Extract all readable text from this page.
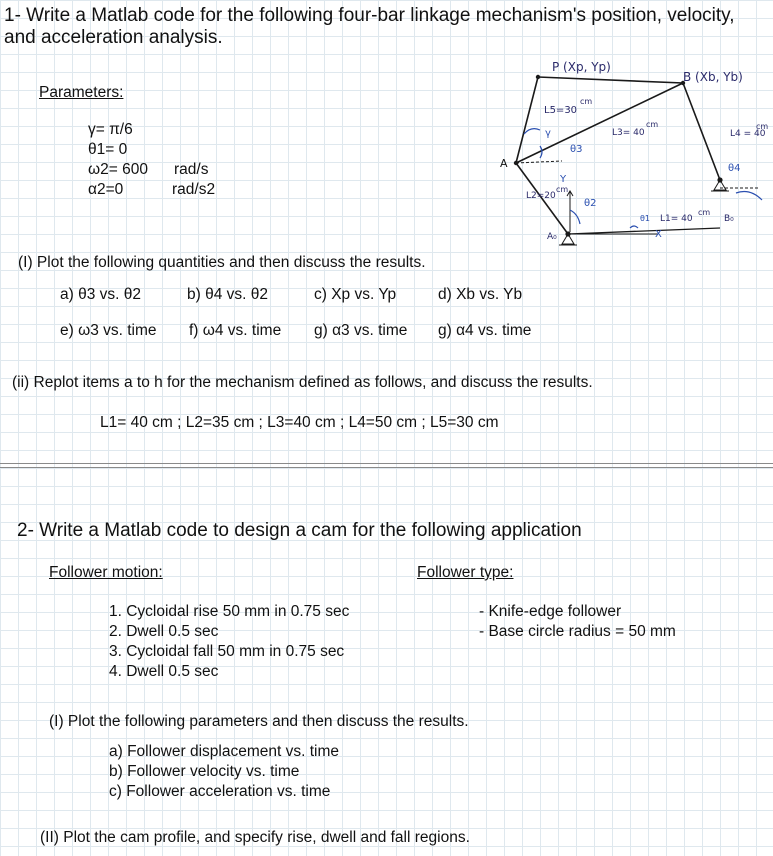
1- Write a Matlab code for the following four-bar linkage mechanism's position, velocity,
and acceleration analysis.
Parameters:
γ= π/6
θ1= 0
ω2= 600 rad/s
α2=0	rad/s2
(I) Plot the following quantities and then discuss the results.
a) θ3 vs. θ2	b) θ4 vs. θ2	c) Xp vs. Yp	d) Xb vs. Yb
e) ω3 vs. time f) ω4 vs. time g) α3 vs. time g) α4 vs. time
(ii) Replot items a to h for the mechanism defined as follows, and discuss the results.
L1= 40 cm ; L2=35 cm ; L3=40 cm ; L4=50 cm ; L5=30 cm
P (Xp, Yp)
B (Xb, Yb)
A
A₀
B₀
L5=30
cm
L3= 40
cm
L4 = 40
cm
L2=20
cm
L1= 40
cm
γ
θ3
θ2
θ4
θ1
Y
X
2- Write a Matlab code to design a cam for the following application
Follower motion:	Follower type:
1. Cycloidal rise 50 mm in 0.75 sec
2. Dwell 0.5 sec
3. Cycloidal fall 50 mm in 0.75 sec
4. Dwell 0.5 sec
- Knife-edge follower
- Base circle radius = 50 mm
(I) Plot the following parameters and then discuss the results.
a) Follower displacement vs. time
b) Follower velocity vs. time
c) Follower acceleration vs. time
(II) Plot the cam profile, and specify rise, dwell and fall regions.
